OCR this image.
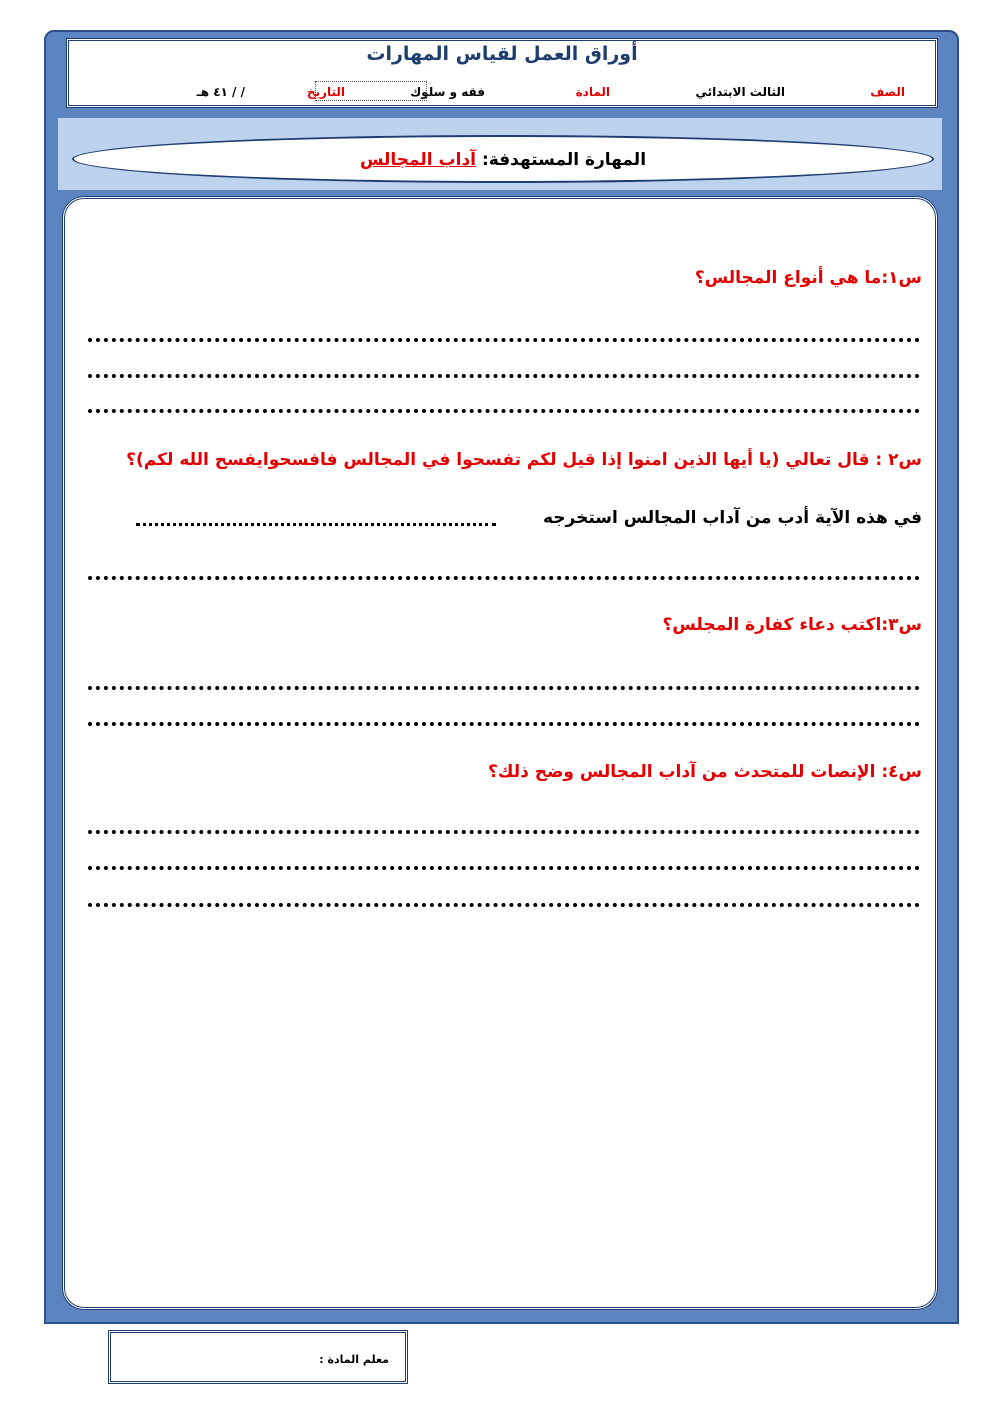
أوراق العمل لقياس المهارات
الصف
الثالث الابتدائي
المادة
فقه و سلوك
التاريخ
/ / ٤١ هـ
المهارة المستهدفة: آداب المجالس
س١:ما هي أنواع المجالس؟
س٢ : قال تعالي (يا أيها الذين امنوا إذا قيل لكم تفسحوا في المجالس فافسحوايفسح الله لكم)؟
في هذه الآية أدب من آداب المجالس استخرجه
س٣:اكتب دعاء كفارة المجلس؟
س٤: الإنصات للمتحدث من آداب المجالس وضح ذلك؟
معلم المادة :
